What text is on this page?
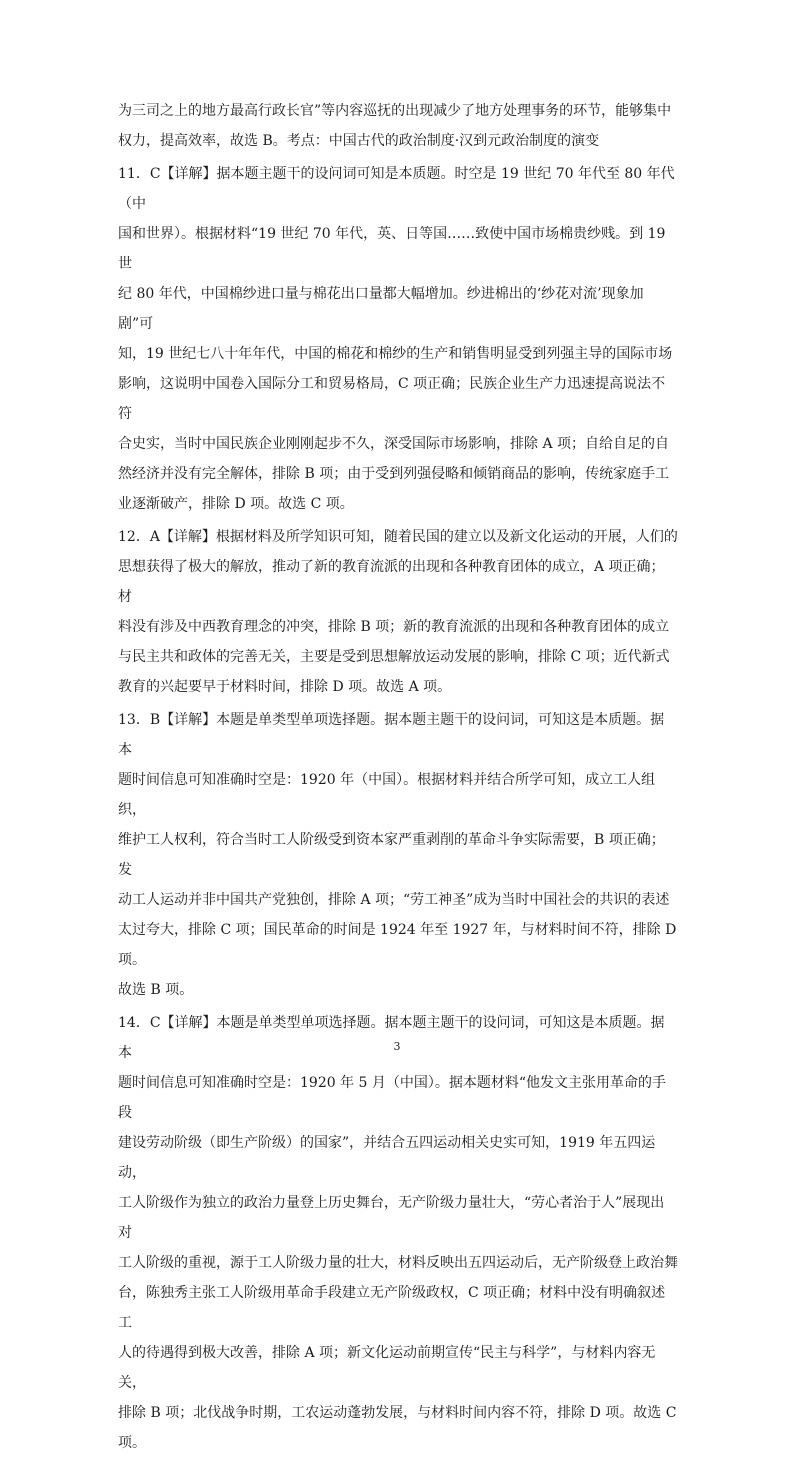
为三司之上的地方最高行政长官”等内容巡抚的出现减少了地方处理事务的环节，能够集中
权力，提高效率，故选 B。考点：中国古代的政治制度·汉到元政治制度的演变

11．C【详解】据本题主题干的设问词可知是本质题。时空是 19 世纪 70 年代至 80 年代（中
国和世界）。根据材料“19 世纪 70 年代，英、日等国……致使中国市场棉贵纱贱。到 19 世
纪 80 年代，中国棉纱进口量与棉花出口量都大幅增加。纱进棉出的‘纱花对流’现象加剧”可
知，19 世纪七八十年年代，中国的棉花和棉纱的生产和销售明显受到列强主导的国际市场
影响，这说明中国卷入国际分工和贸易格局，C 项正确；民族企业生产力迅速提高说法不符
合史实，当时中国民族企业刚刚起步不久，深受国际市场影响，排除 A 项；自给自足的自
然经济并没有完全解体，排除 B 项；由于受到列强侵略和倾销商品的影响，传统家庭手工
业逐渐破产，排除 D 项。故选 C 项。

12．A【详解】根据材料及所学知识可知，随着民国的建立以及新文化运动的开展，人们的
思想获得了极大的解放，推动了新的教育流派的出现和各种教育团体的成立，A 项正确；材
料没有涉及中西教育理念的冲突，排除 B 项；新的教育流派的出现和各种教育团体的成立
与民主共和政体的完善无关，主要是受到思想解放运动发展的影响，排除 C 项；近代新式
教育的兴起要早于材料时间，排除 D 项。故选 A 项。

13．B【详解】本题是单类型单项选择题。据本题主题干的设问词，可知这是本质题。据本
题时间信息可知准确时空是：1920 年（中国）。根据材料并结合所学可知，成立工人组织，
维护工人权利，符合当时工人阶级受到资本家严重剥削的革命斗争实际需要，B 项正确；发
动工人运动并非中国共产党独创，排除 A 项；“劳工神圣”成为当时中国社会的共识的表述
太过夸大，排除 C 项；国民革命的时间是 1924 年至 1927 年，与材料时间不符，排除 D 项。
故选 B 项。

14．C【详解】本题是单类型单项选择题。据本题主题干的设问词，可知这是本质题。据本
题时间信息可知准确时空是：1920 年 5 月（中国）。据本题材料“他发文主张用革命的手段
建设劳动阶级（即生产阶级）的国家”，并结合五四运动相关史实可知，1919 年五四运动，
工人阶级作为独立的政治力量登上历史舞台，无产阶级力量壮大，“劳心者治于人”展现出对
工人阶级的重视，源于工人阶级力量的壮大，材料反映出五四运动后，无产阶级登上政治舞
台，陈独秀主张工人阶级用革命手段建立无产阶级政权，C 项正确；材料中没有明确叙述工
人的待遇得到极大改善，排除 A 项；新文化运动前期宣传“民主与科学”，与材料内容无关，
排除 B 项；北伐战争时期，工农运动蓬勃发展，与材料时间内容不符，排除 D 项。故选 C
项。

3
